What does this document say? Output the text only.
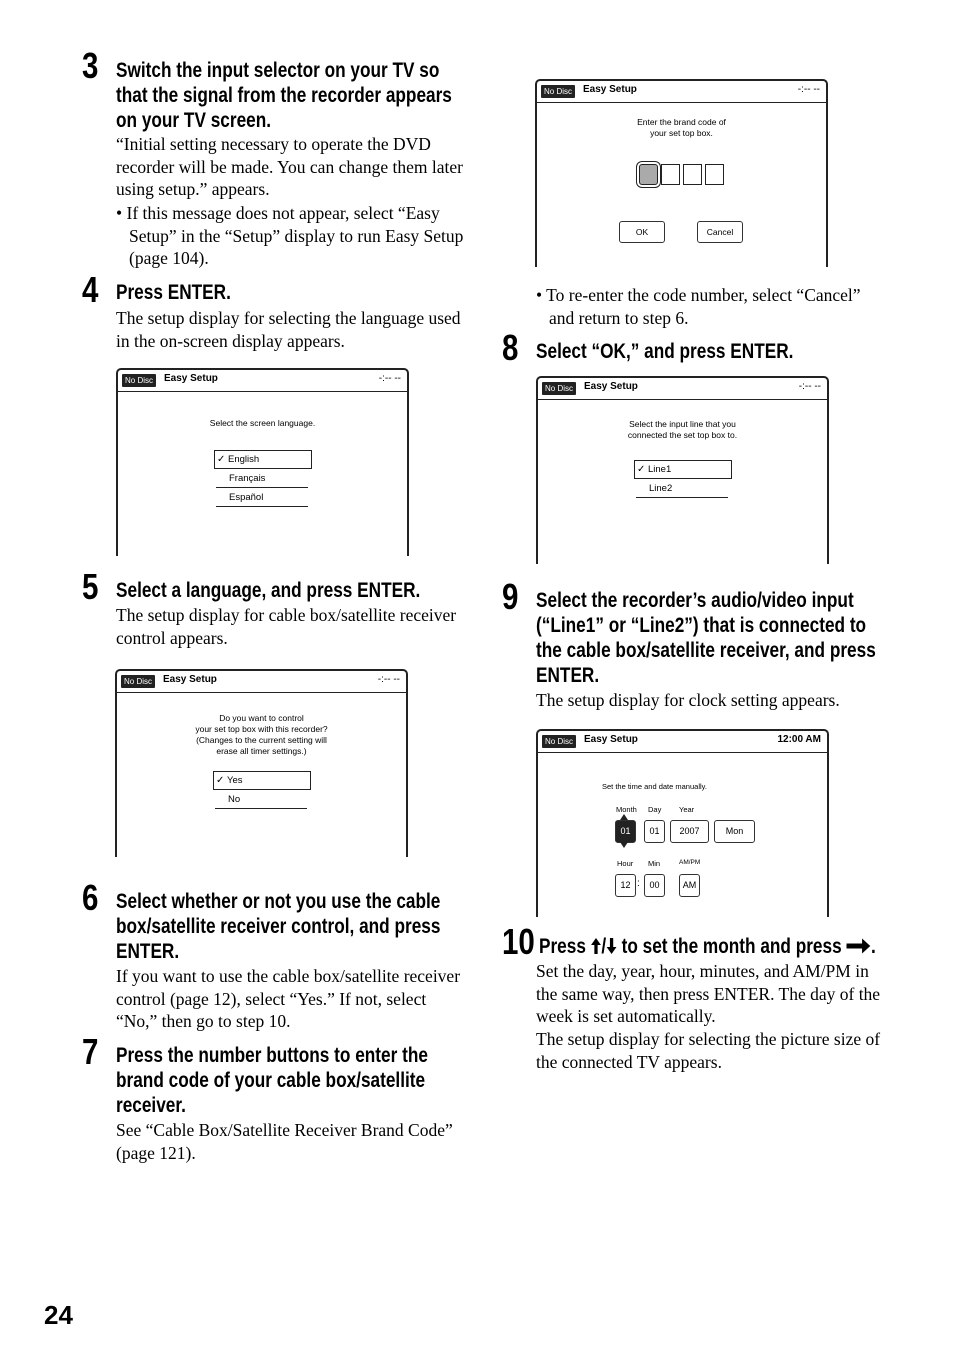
3 Switch the input selector on your TV so that the signal from the recorder appears on your TV screen.
“Initial setting necessary to operate the DVD recorder will be made. You can change them later using setup.” appears.
• If this message does not appear, select “Easy Setup” in the “Setup” display to run Easy Setup (page 104).
4 Press ENTER.
The setup display for selecting the language used in the on-screen display appears.
No Disc	Easy Setup	-:-- --
Select the screen language.
✓ English
Français
Español
5 Select a language, and press ENTER.
The setup display for cable box/satellite receiver control appears.
No Disc	Easy Setup	-:-- --
Do you want to control
your set top box with this recorder?
(Changes to the current setting will
erase all timer settings.)
✓ Yes
No
6 Select whether or not you use the cable box/satellite receiver control, and press ENTER.
If you want to use the cable box/satellite receiver control (page 12), select “Yes.” If not, select “No,” then go to step 10.
7 Press the number buttons to enter the brand code of your cable box/satellite receiver.
See “Cable Box/Satellite Receiver Brand Code” (page 121).
24
No Disc	Easy Setup	-:-- --
Enter the brand code of
your set top box.
OK	Cancel
• To re-enter the code number, select “Cancel” and return to step 6.
8 Select “OK,” and press ENTER.
No Disc	Easy Setup	-:-- --
Select the input line that you
connected the set top box to.
✓ Line1
Line2
9 Select the recorder’s audio/video input (“Line1” or “Line2”) that is connected to the cable box/satellite receiver, and press ENTER.
The setup display for clock setting appears.
No Disc	Easy Setup	12:00 AM
Set the time and date manually.
Month Day Year
01	01	2007	Mon
Hour Min	AM/PM
12 :	00	AM
10 Press / to set the month and press .
Set the day, year, hour, minutes, and AM/PM in the same way, then press ENTER. The day of the week is set automatically.
The setup display for selecting the picture size of the connected TV appears.
